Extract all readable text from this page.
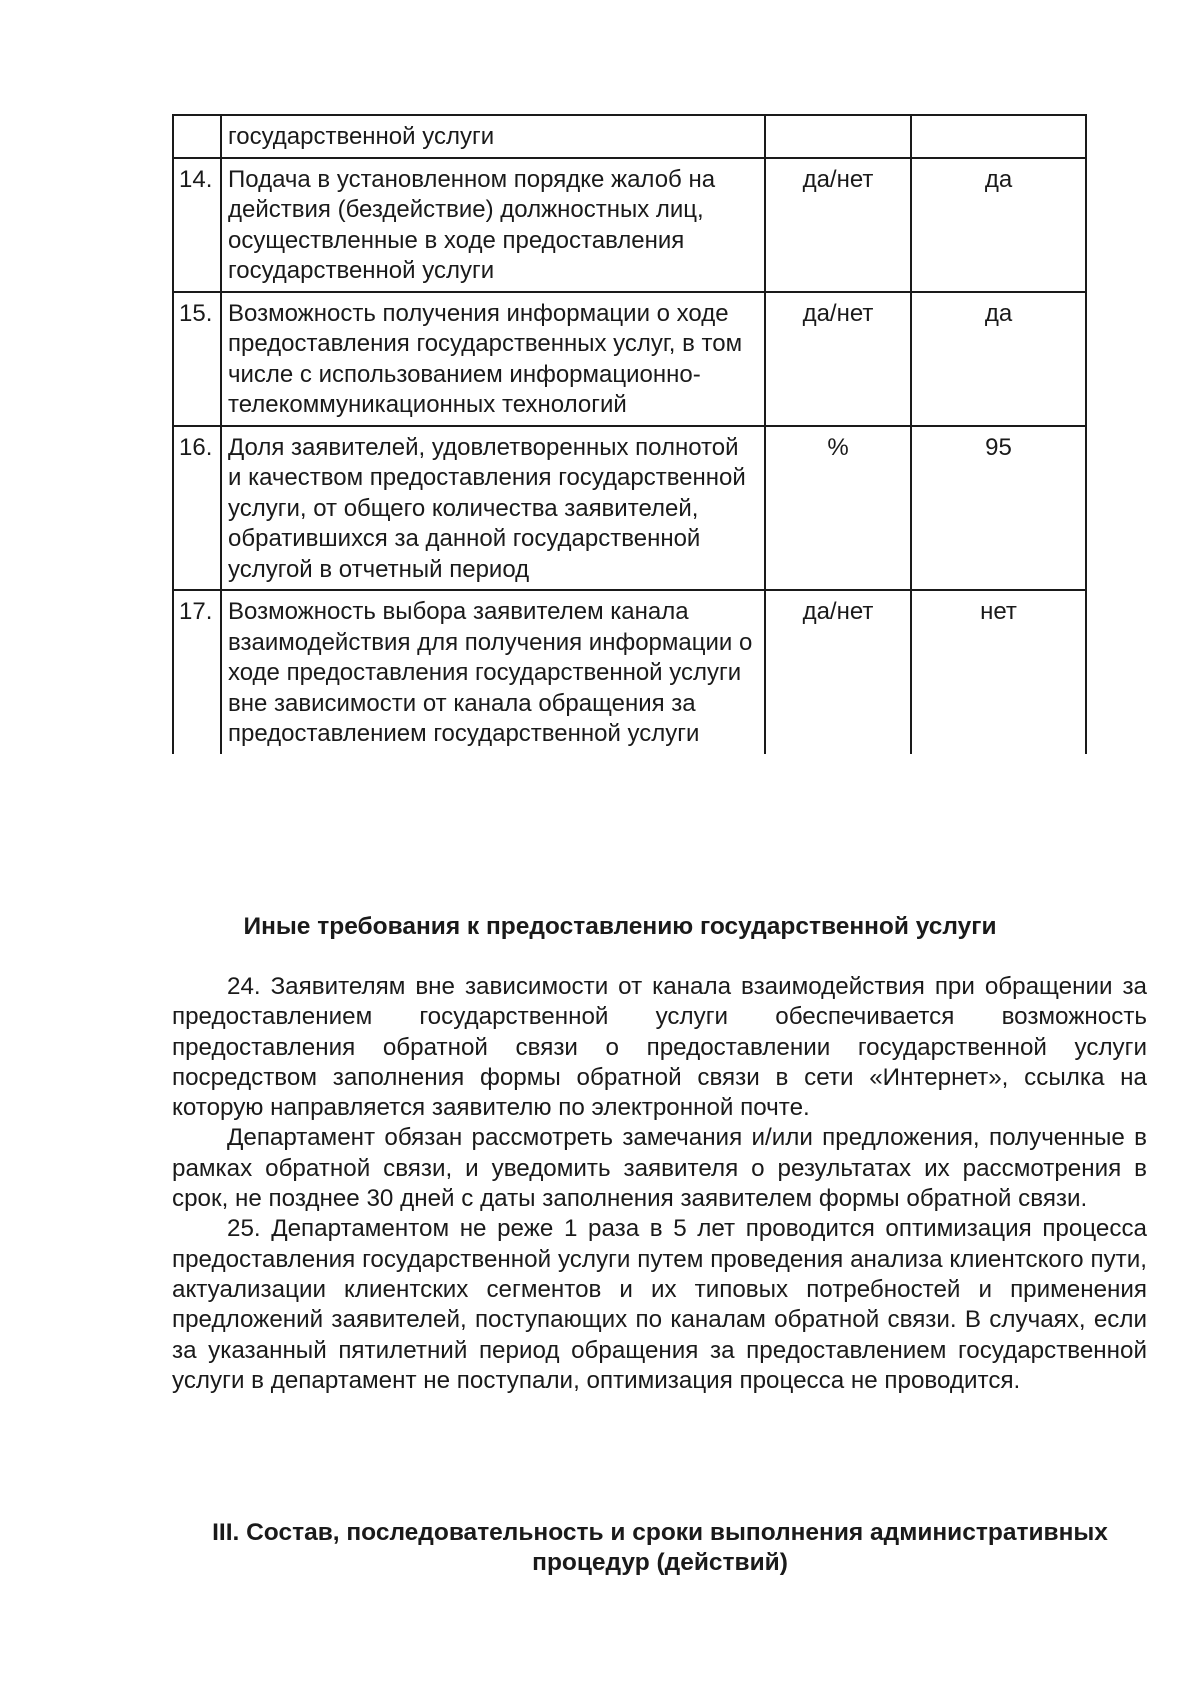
	государственной услуги		
14.	Подача в установленном порядке жалоб на действия (бездействие) должностных лиц, осуществленные в ходе предоставления государственной услуги	да/нет	да
15.	Возможность получения информации о ходе предоставления государственных услуг, в том числе с использованием информационно-телекоммуникационных технологий	да/нет	да
16.	Доля заявителей, удовлетворенных полнотой и качеством предоставления государственной услуги, от общего количества заявителей, обратившихся за данной государственной услугой в отчетный период	%	95
17.	Возможность выбора заявителем канала взаимодействия для получения информации о ходе предоставления государственной услуги вне зависимости от канала обращения за предоставлением государственной услуги	да/нет	нет
Иные требования к предоставлению государственной услуги

24. Заявителям вне зависимости от канала взаимодействия при обращении за предоставлением государственной услуги обеспечивается возможность предоставления обратной связи о предоставлении государственной услуги посредством заполнения формы обратной связи в сети «Интернет», ссылка на которую направляется заявителю по электронной почте.

Департамент обязан рассмотреть замечания и/или предложения, полученные в рамках обратной связи, и уведомить заявителя о результатах их рассмотрения в срок, не позднее 30 дней с даты заполнения заявителем формы обратной связи.

25. Департаментом не реже 1 раза в 5 лет проводится оптимизация процесса предоставления государственной услуги путем проведения анализа клиентского пути, актуализации клиентских сегментов и их типовых потребностей и применения предложений заявителей, поступающих по каналам обратной связи. В случаях, если за указанный пятилетний период обращения за предоставлением государственной услуги в департамент не поступали, оптимизация процесса не проводится.

III. Состав, последовательность и сроки выполнения административных процедур (действий)
